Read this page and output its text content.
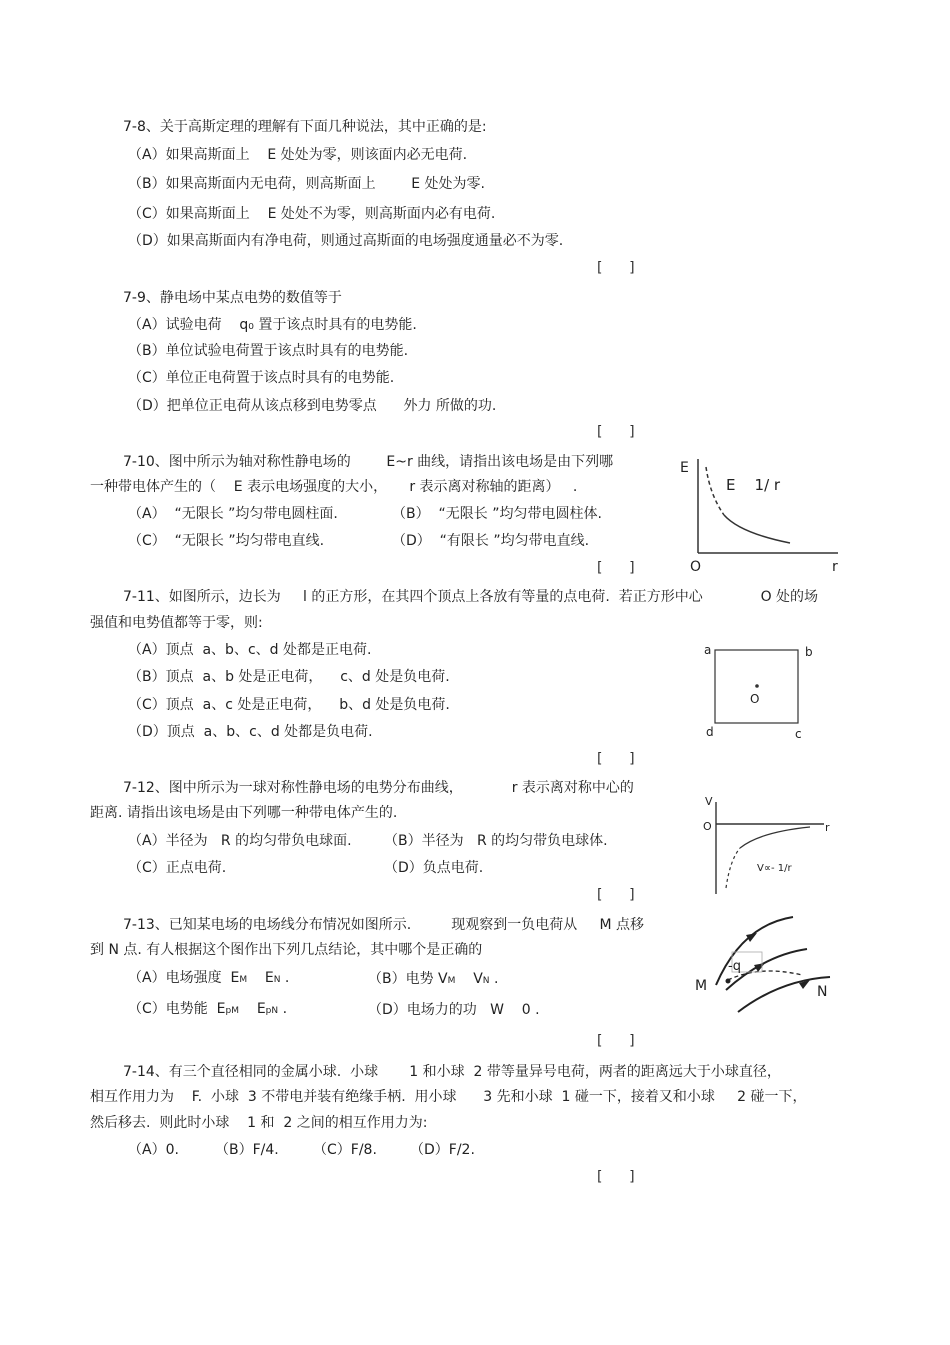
7-8、关于高斯定理的理解有下面几种说法，其中正确的是:
（A）如果高斯面上    E 处处为零，则该面内必无电荷.
（B）如果高斯面内无电荷，则高斯面上        E 处处为零.
（C）如果高斯面上    E 处处不为零，则高斯面内必有电荷.
（D）如果高斯面内有净电荷，则通过高斯面的电场强度通量必不为零.
[      ]
7-9、静电场中某点电势的数值等于
（A）试验电荷    q₀ 置于该点时具有的电势能.
（B）单位试验电荷置于该点时具有的电势能.
（C）单位正电荷置于该点时具有的电势能.
（D）把单位正电荷从该点移到电势零点      外力 所做的功.
[      ]
7-10、图中所示为轴对称性静电场的        E~r 曲线，请指出该电场是由下列哪
一种带电体产生的（    E 表示电场强度的大小，     r 表示离对称轴的距离）   .
（A）  “无限长 ”均匀带电圆柱面.	（B）  “无限长 ”均匀带电圆柱体.
（C）  “无限长 ”均匀带电直线.	（D）  “有限长 ”均匀带电直线.
[      ]
E
O	r
E    1/ r
7-11、如图所示，边长为     l 的正方形，在其四个顶点上各放有等量的点电荷.  若正方形中心             O 处的场
强值和电势值都等于零，则:
（A）顶点  a、b、c、d 处都是正电荷.
（B）顶点  a、b 处是正电荷，    c、d 处是负电荷.
（C）顶点  a、c 处是正电荷，    b、d 处是负电荷.
（D）顶点  a、b、c、d 处都是负电荷.
[      ]
a	b
c
d
O
7-12、图中所示为一球对称性静电场的电势分布曲线，           r 表示离对称中心的
距离. 请指出该电场是由下列哪一种带电体产生的.
（A）半径为   R 的均匀带负电球面. （B）半径为   R 的均匀带负电球体.
（C）正点电荷.	（D）负点电荷.
[      ]
V
O	r
V∝- 1/r
7-13、已知某电场的电场线分布情况如图所示.         现观察到一负电荷从     M 点移
到 N 点. 有人根据这个图作出下列几点结论，其中哪个是正确的
（A）电场强度  EM    EN .	（B）电势 VM    VN .
（C）电势能  EpM    EpN .	（D）电场力的功   W    0 .
[      ]
M	N
-q
7-14、有三个直径相同的金属小球.  小球       1 和小球  2 带等量异号电荷，两者的距离远大于小球直径，
相互作用力为    F.  小球  3 不带电并装有绝缘手柄.  用小球      3 先和小球  1 碰一下，接着又和小球     2 碰一下，
然后移去.  则此时小球    1 和  2 之间的相互作用力为:
（A）0.	（B）F/4. （C）F/8. （D）F/2.
[      ]
